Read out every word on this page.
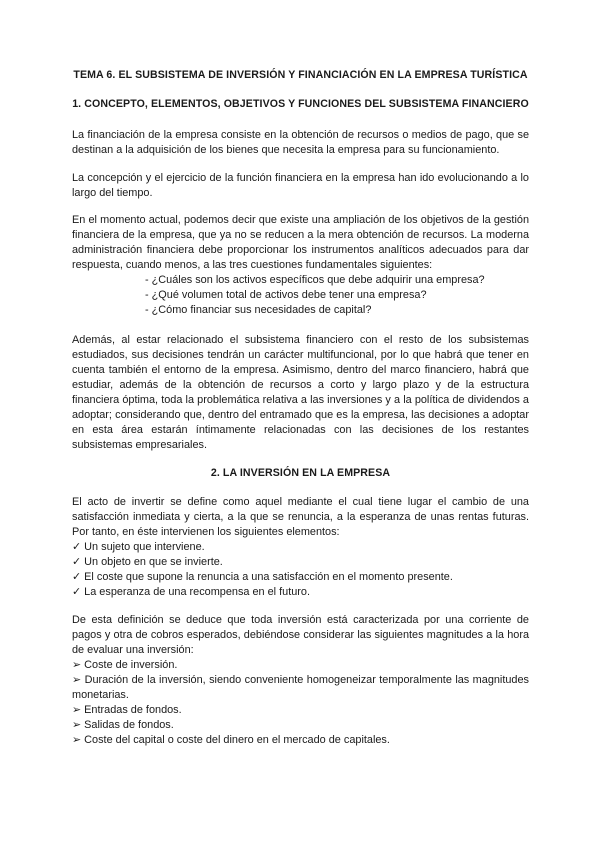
TEMA 6. EL SUBSISTEMA DE INVERSIÓN Y FINANCIACIÓN EN LA EMPRESA TURÍSTICA
1. CONCEPTO, ELEMENTOS, OBJETIVOS Y FUNCIONES DEL SUBSISTEMA FINANCIERO

La financiación de la empresa consiste en la obtención de recursos o medios de pago, que se destinan a la adquisición de los bienes que necesita la empresa para su funcionamiento.

La concepción y el ejercicio de la función financiera en la empresa han ido evolucionando a lo largo del tiempo.

En el momento actual, podemos decir que existe una ampliación de los objetivos de la gestión financiera de la empresa, que ya no se reducen a la mera obtención de recursos. La moderna administración financiera debe proporcionar los instrumentos analíticos adecuados para dar respuesta, cuando menos, a las tres cuestiones fundamentales siguientes:

- ¿Cuáles son los activos específicos que debe adquirir una empresa?
- ¿Qué volumen total de activos debe tener una empresa?
- ¿Cómo financiar sus necesidades de capital?

Además, al estar relacionado el subsistema financiero con el resto de los subsistemas estudiados, sus decisiones tendrán un carácter multifuncional, por lo que habrá que tener en cuenta también el entorno de la empresa. Asimismo, dentro del marco financiero, habrá que estudiar, además de la obtención de recursos a corto y largo plazo y de la estructura financiera óptima, toda la problemática relativa a las inversiones y a la política de dividendos a adoptar; considerando que, dentro del entramado que es la empresa, las decisiones a adoptar en esta área estarán íntimamente relacionadas con las decisiones de los restantes subsistemas empresariales.

2. LA INVERSIÓN EN LA EMPRESA

El acto de invertir se define como aquel mediante el cual tiene lugar el cambio de una satisfacción inmediata y cierta, a la que se renuncia, a la esperanza de unas rentas futuras. Por tanto, en éste intervienen los siguientes elementos:

✓ Un sujeto que interviene.
✓ Un objeto en que se invierte.
✓ El coste que supone la renuncia a una satisfacción en el momento presente.
✓ La esperanza de una recompensa en el futuro.

De esta definición se deduce que toda inversión está caracterizada por una corriente de pagos y otra de cobros esperados, debiéndose considerar las siguientes magnitudes a la hora de evaluar una inversión:

➢ Coste de inversión.
➢ Duración de la inversión, siendo conveniente homogeneizar temporalmente las magnitudes monetarias.
➢ Entradas de fondos.
➢ Salidas de fondos.
➢ Coste del capital o coste del dinero en el mercado de capitales.
